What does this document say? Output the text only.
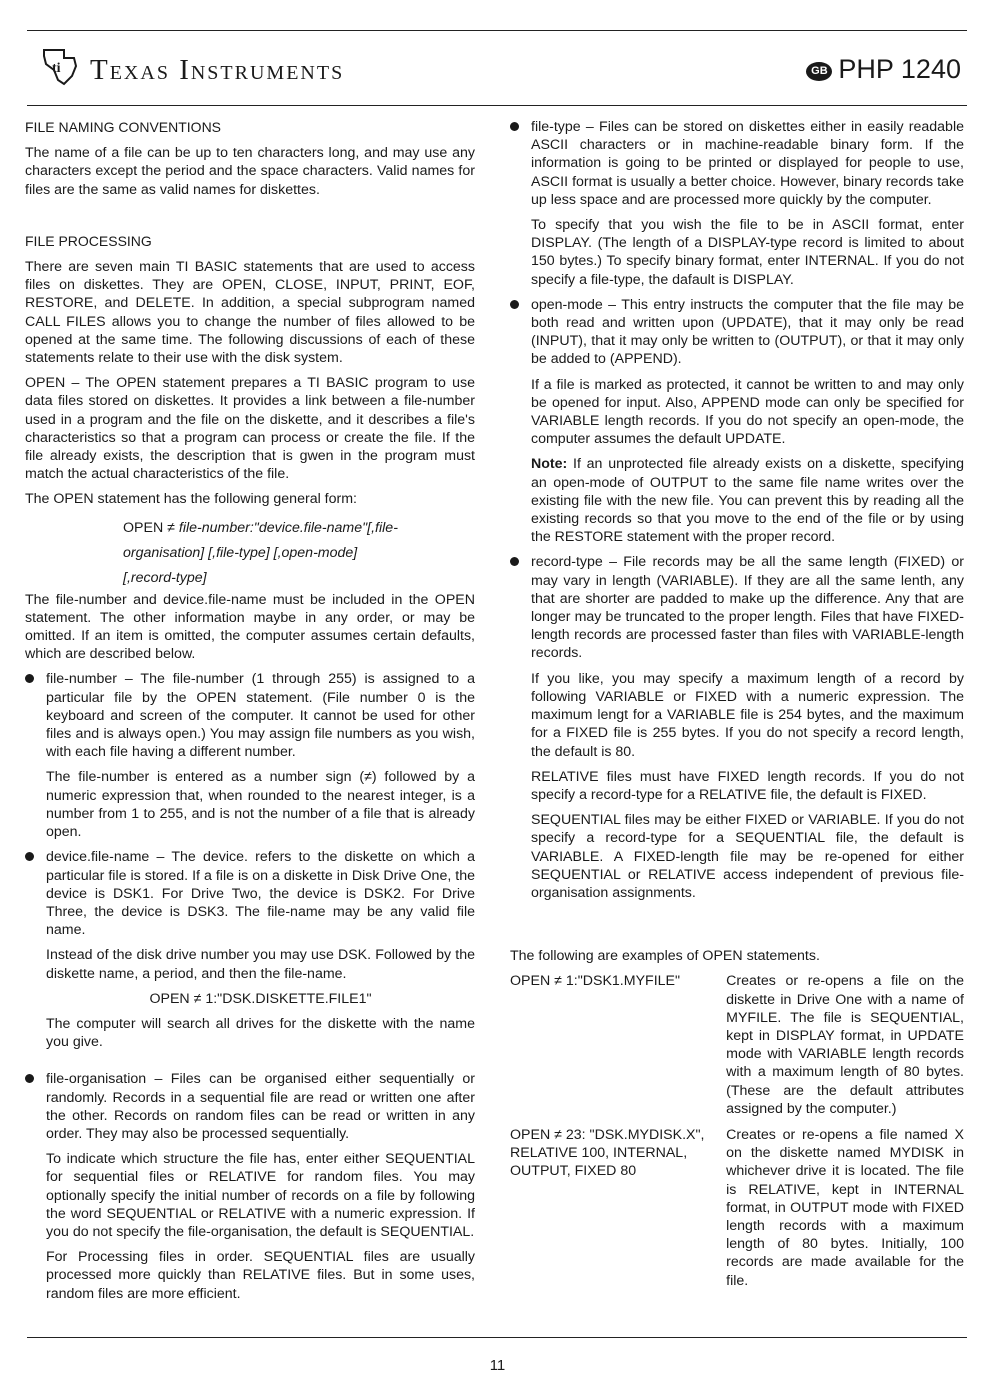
ti Texas Instruments	GB PHP 1240
FILE NAMING CONVENTIONS

The name of a file can be up to ten characters long, and may use any characters except the period and the space characters. Valid names for files are the same as valid names for diskettes.

FILE PROCESSING

There are seven main TI BASIC statements that are used to access files on diskettes. They are OPEN, CLOSE, INPUT, PRINT, EOF, RESTORE, and DELETE. In addition, a special subprogram named CALL FILES allows you to change the number of files allowed to be opened at the same time. The following discussions of each of these statements relate to their use with the disk system.

OPEN – The OPEN statement prepares a TI BASIC program to use data files stored on diskettes. It provides a link between a file-number used in a program and the file on the diskette, and it describes a file's characteristics so that a program can process or create the file. If the file already exists, the description that is gwen in the program must match the actual characteristics of the file.

The OPEN statement has the following general form:

OPEN ≠ file-number:"device.file-name"[,file-
organisation] [,file-type] [,open-mode]
[,record-type]

The file-number and device.file-name must be included in the OPEN statement. The other information maybe in any order, or may be omitted. If an item is omitted, the computer assumes certain defaults, which are described below.

file-number – The file-number (1 through 255) is assigned to a particular file by the OPEN statement. (File number 0 is the keyboard and screen of the computer. It cannot be used for other files and is always open.) You may assign file numbers as you wish, with each file having a different number.

The file-number is entered as a number sign (≠) followed by a numeric expression that, when rounded to the nearest integer, is a number from 1 to 255, and is not the number of a file that is already open.

device.file-name – The device. refers to the diskette on which a particular file is stored. If a file is on a diskette in Disk Drive One, the device is DSK1. For Drive Two, the device is DSK2. For Drive Three, the device is DSK3. The file-name may be any valid file name.

Instead of the disk drive number you may use DSK. Followed by the diskette name, a period, and then the file-name.

OPEN ≠ 1:"DSK.DISKETTE.FILE1"

The computer will search all drives for the diskette with the name you give.

file-organisation – Files can be organised either sequentially or randomly. Records in a sequential file are read or written one after the other. Records on random files can be read or written in any order. They may also be processed sequentially.

To indicate which structure the file has, enter either SEQUENTIAL for sequential files or RELATIVE for random files. You may optionally specify the initial number of records on a file by following the word SEQUENTIAL or RELATIVE with a numeric expression. If you do not specify the file-organisation, the default is SEQUENTIAL.

For Processing files in order. SEQUENTIAL files are usually processed more quickly than RELATIVE files. But in some uses, random files are more efficient.

file-type – Files can be stored on diskettes either in easily readable ASCII characters or in machine-readable binary form. If the information is going to be printed or displayed for people to use, ASCII format is usually a better choice. However, binary records take up less space and are processed more quickly by the computer.

To specify that you wish the file to be in ASCII format, enter DISPLAY. (The length of a DISPLAY-type record is limited to about 150 bytes.) To specify binary format, enter INTERNAL. If you do not specify a file-type, the dafault is DISPLAY.

open-mode – This entry instructs the computer that the file may be both read and written upon (UPDATE), that it may only be read (INPUT), that it may only be written to (OUTPUT), or that it may only be added to (APPEND).

If a file is marked as protected, it cannot be written to and may only be opened for input. Also, APPEND mode can only be specified for VARIABLE length records. If you do not specify an open-mode, the computer assumes the default UPDATE.

Note: If an unprotected file already exists on a diskette, specifying an open-mode of OUTPUT to the same file name writes over the existing file with the new file. You can prevent this by reading all the existing records so that you move to the end of the file or by using the RESTORE statement with the proper record.

record-type – File records may be all the same length (FIXED) or may vary in length (VARIABLE). If they are all the same lenth, any that are shorter are padded to make up the difference. Any that are longer may be truncated to the proper length. Files that have FIXED-length records are processed faster than files with VARIABLE-length records.

If you like, you may specify a maximum length of a record by following VARIABLE or FIXED with a numeric expression. The maximum lengt for a VARIABLE file is 254 bytes, and the maximum for a FIXED file is 255 bytes. If you do not specify a record length, the default is 80.

RELATIVE files must have FIXED length records. If you do not specify a record-type for a RELATIVE file, the default is FIXED.

SEQUENTIAL files may be either FIXED or VARIABLE. If you do not specify a record-type for a SEQUENTIAL file, the default is VARIABLE. A FIXED-length file may be re-opened for either SEQUENTIAL or RELATIVE access independent of previous file-organisation assignments.

The following are examples of OPEN statements.

OPEN ≠ 1:"DSK1.MYFILE"	Creates or re-opens a file on the diskette in Drive One with a name of MYFILE. The file is SEQUENTIAL, kept in DISPLAY format, in UPDATE mode with VARIABLE length records with a maximum length of 80 bytes. (These are the default attributes assigned by the computer.)
OPEN ≠ 23: "DSK.MYDISK.X", RELATIVE 100, INTERNAL, OUTPUT, FIXED 80
Creates or re-opens a file named X on the diskette named MYDISK in whichever drive it is located. The file is RELATIVE, kept in INTERNAL format, in OUTPUT mode with FIXED length records with a maximum length of 80 bytes. Initially, 100 records are made available for the file.
11
